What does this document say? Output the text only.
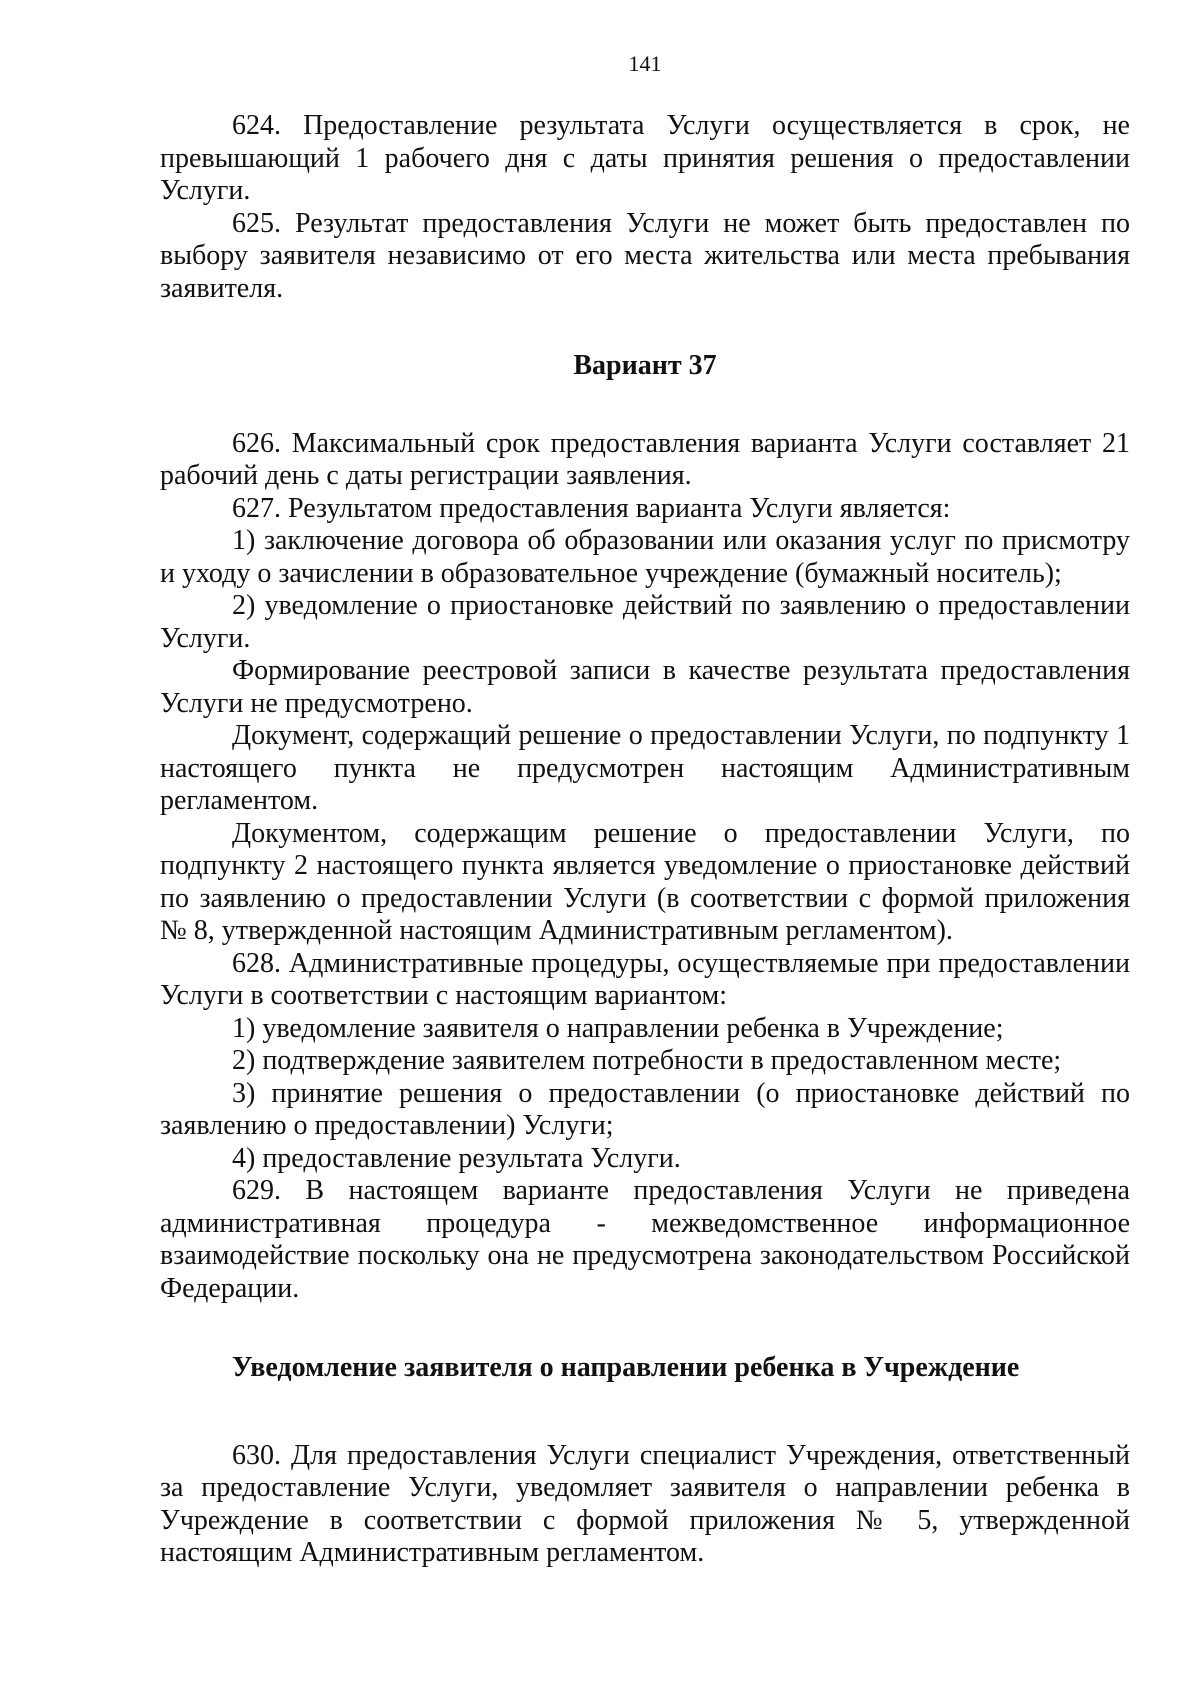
141

624. Предоставление результата Услуги осуществляется в срок, не превышающий 1 рабочего дня с даты принятия решения о предоставлении Услуги.

625. Результат предоставления Услуги не может быть предоставлен по выбору заявителя независимо от его места жительства или места пребывания заявителя.

Вариант 37

626. Максимальный срок предоставления варианта Услуги составляет 21 рабочий день с даты регистрации заявления.

627. Результатом предоставления варианта Услуги является:

1) заключение договора об образовании или оказания услуг по присмотру и уходу о зачислении в образовательное учреждение (бумажный носитель);

2) уведомление о приостановке действий по заявлению о предоставлении Услуги.

Формирование реестровой записи в качестве результата предоставления Услуги не предусмотрено.

Документ, содержащий решение о предоставлении Услуги, по подпункту 1 настоящего пункта не предусмотрен настоящим Административным регламентом.

Документом, содержащим решение о предоставлении Услуги, по подпункту 2 настоящего пункта является уведомление о приостановке действий по заявлению о предоставлении Услуги (в соответствии с формой приложения № 8, утвержденной настоящим Административным регламентом).

628. Административные процедуры, осуществляемые при предоставлении Услуги в соответствии с настоящим вариантом:

1) уведомление заявителя о направлении ребенка в Учреждение;

2) подтверждение заявителем потребности в предоставленном месте;

3) принятие решения о предоставлении (о приостановке действий по заявлению о предоставлении) Услуги;

4) предоставление результата Услуги.

629. В настоящем варианте предоставления Услуги не приведена административная процедура - межведомственное информационное взаимодействие поскольку она не предусмотрена законодательством Российской Федерации.

Уведомление заявителя о направлении ребенка в Учреждение

630. Для предоставления Услуги специалист Учреждения, ответственный за предоставление Услуги, уведомляет заявителя о направлении ребенка в Учреждение в соответствии с формой приложения № 5, утвержденной настоящим Административным регламентом.
